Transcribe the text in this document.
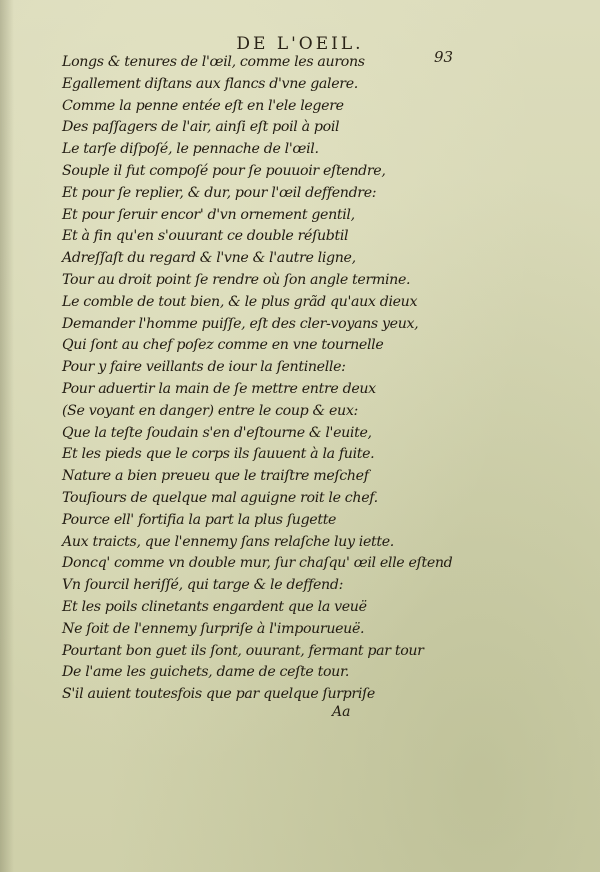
DE L'OEIL.
93
Longs & tenures de l'œil, comme les aurons
Egallement diſtans aux flancs d'vne galere.
Comme la penne entée eſt en l'ele legere
Des paſſagers de l'air, ainſi eſt poil à poil
Le tarſe diſpoſé, le pennache de l'œil.
Souple il fut compoſé pour ſe pouuoir eſtendre,
Et pour ſe replier, & dur, pour l'œil deffendre:
Et pour ſeruir encor' d'vn ornement gentil,
Et à fin qu'en s'ouurant ce double réſubtil
Adreſſaſt du regard & l'vne & l'autre ligne,
Tour au droit point ſe rendre où ſon angle termine.
Le comble de tout bien, & le plus grãd qu'aux dieux
Demander l'homme puiſſe, eſt des cler-voyans yeux,
Qui ſont au chef poſez comme en vne tournelle
Pour y faire veillants de iour la ſentinelle:
Pour aduertir la main de ſe mettre entre deux
(Se voyant en danger) entre le coup & eux:
Que la teſte ſoudain s'en d'eſtourne & l'euite,
Et les pieds que le corps ils ſauuent à la fuite.
Nature a bien preueu que le traiſtre meſchef
Touſiours de quelque mal aguigne roit le chef.
Pource ell' fortifia la part la plus ſugette
Aux traicts, que l'ennemy ſans relaſche luy iette.
Doncq' comme vn double mur, ſur chaſqu' œil elle eſtend
Vn ſourcil heriſſé, qui targe & le deffend:
Et les poils clinetants engardent que la veuë
Ne ſoit de l'ennemy ſurpriſe à l'impourueuë.
Pourtant bon guet ils ſont, ouurant, fermant par tour
De l'ame les guichets, dame de ceſte tour.
S'il auient toutesfois que par quelque ſurpriſe
Aa
